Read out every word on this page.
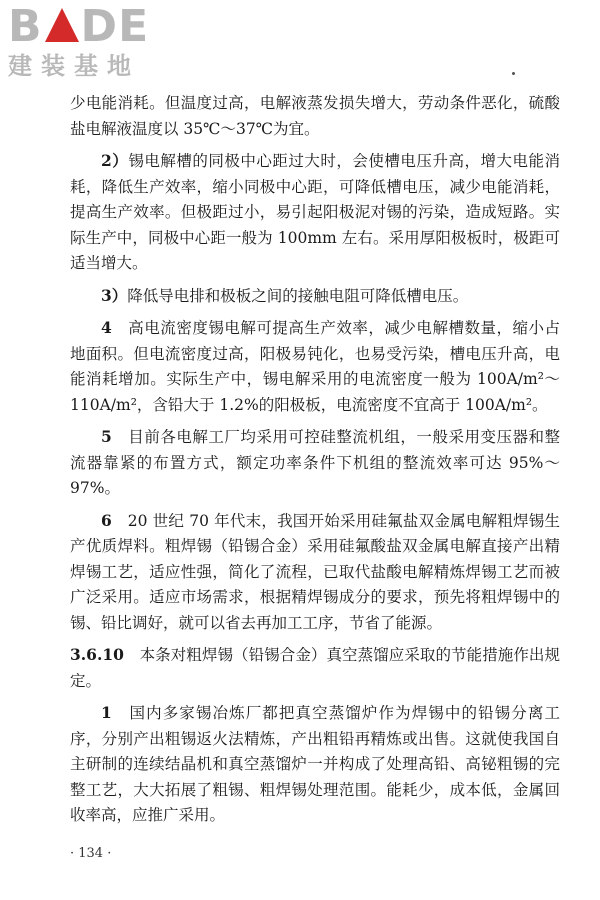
B DE
建装基地

少电能消耗。但温度过高，电解液蒸发损失增大，劳动条件恶化，硫酸盐电解液温度以 35℃～37℃为宜。

2）锡电解槽的同极中心距过大时，会使槽电压升高，增大电能消耗，降低生产效率，缩小同极中心距，可降低槽电压，减少电能消耗，提高生产效率。但极距过小，易引起阳极泥对锡的污染，造成短路。实际生产中，同极中心距一般为 100mm 左右。采用厚阳极板时，极距可适当增大。

3）降低导电排和极板之间的接触电阻可降低槽电压。

4　高电流密度锡电解可提高生产效率，减少电解槽数量，缩小占地面积。但电流密度过高，阳极易钝化，也易受污染，槽电压升高，电能消耗增加。实际生产中，锡电解采用的电流密度一般为 100A/m²～110A/m²，含铅大于 1.2%的阳极板，电流密度不宜高于 100A/m²。

5　目前各电解工厂均采用可控硅整流机组，一般采用变压器和整流器靠紧的布置方式，额定功率条件下机组的整流效率可达 95%～97%。

6　20 世纪 70 年代末，我国开始采用硅氟盐双金属电解粗焊锡生产优质焊料。粗焊锡（铅锡合金）采用硅氟酸盐双金属电解直接产出精焊锡工艺，适应性强，简化了流程，已取代盐酸电解精炼焊锡工艺而被广泛采用。适应市场需求，根据精焊锡成分的要求，预先将粗焊锡中的锡、铅比调好，就可以省去再加工工序，节省了能源。

3.6.10　本条对粗焊锡（铅锡合金）真空蒸馏应采取的节能措施作出规定。

1　国内多家锡冶炼厂都把真空蒸馏炉作为焊锡中的铅锡分离工序，分别产出粗锡返火法精炼，产出粗铅再精炼或出售。这就使我国自主研制的连续结晶机和真空蒸馏炉一并构成了处理高铅、高铋粗锡的完整工艺，大大拓展了粗锡、粗焊锡处理范围。能耗少，成本低，金属回收率高，应推广采用。

· 134 ·
